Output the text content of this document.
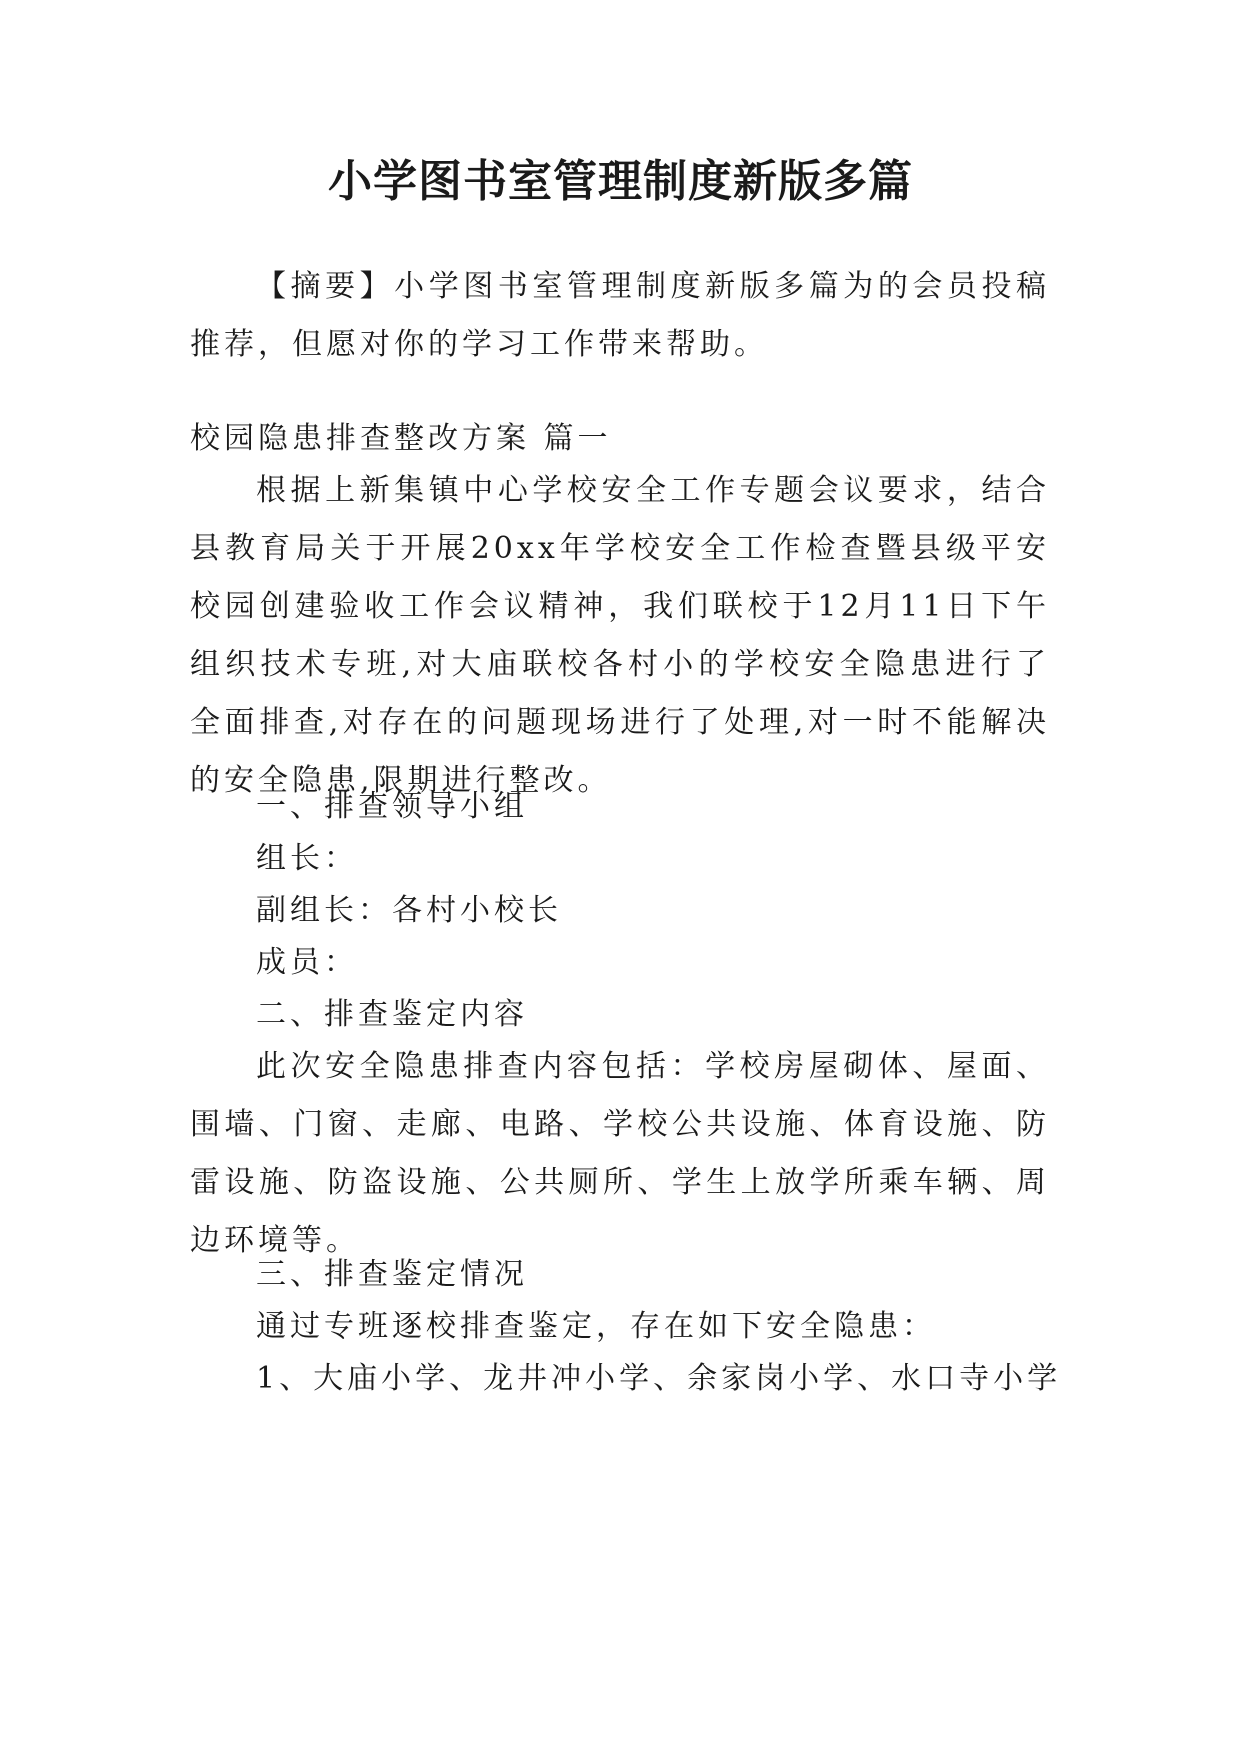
小学图书室管理制度新版多篇

【摘要】小学图书室管理制度新版多篇为的会员投稿推荐，但愿对你的学习工作带来帮助。

校园隐患排查整改方案 篇一

根据上新集镇中心学校安全工作专题会议要求，结合县教育局关于开展20xx年学校安全工作检查暨县级平安校园创建验收工作会议精神，我们联校于12月11日下午组织技术专班,对大庙联校各村小的学校安全隐患进行了全面排查,对存在的问题现场进行了处理,对一时不能解决的安全隐患,限期进行整改。

一、排查领导小组

组长：

副组长：各村小校长

成员：

二、排查鉴定内容

此次安全隐患排查内容包括：学校房屋砌体、屋面、围墙、门窗、走廊、电路、学校公共设施、体育设施、防雷设施、防盗设施、公共厕所、学生上放学所乘车辆、周边环境等。

三、排查鉴定情况

通过专班逐校排查鉴定，存在如下安全隐患：

1、大庙小学、龙井冲小学、余家岗小学、水口寺小学
